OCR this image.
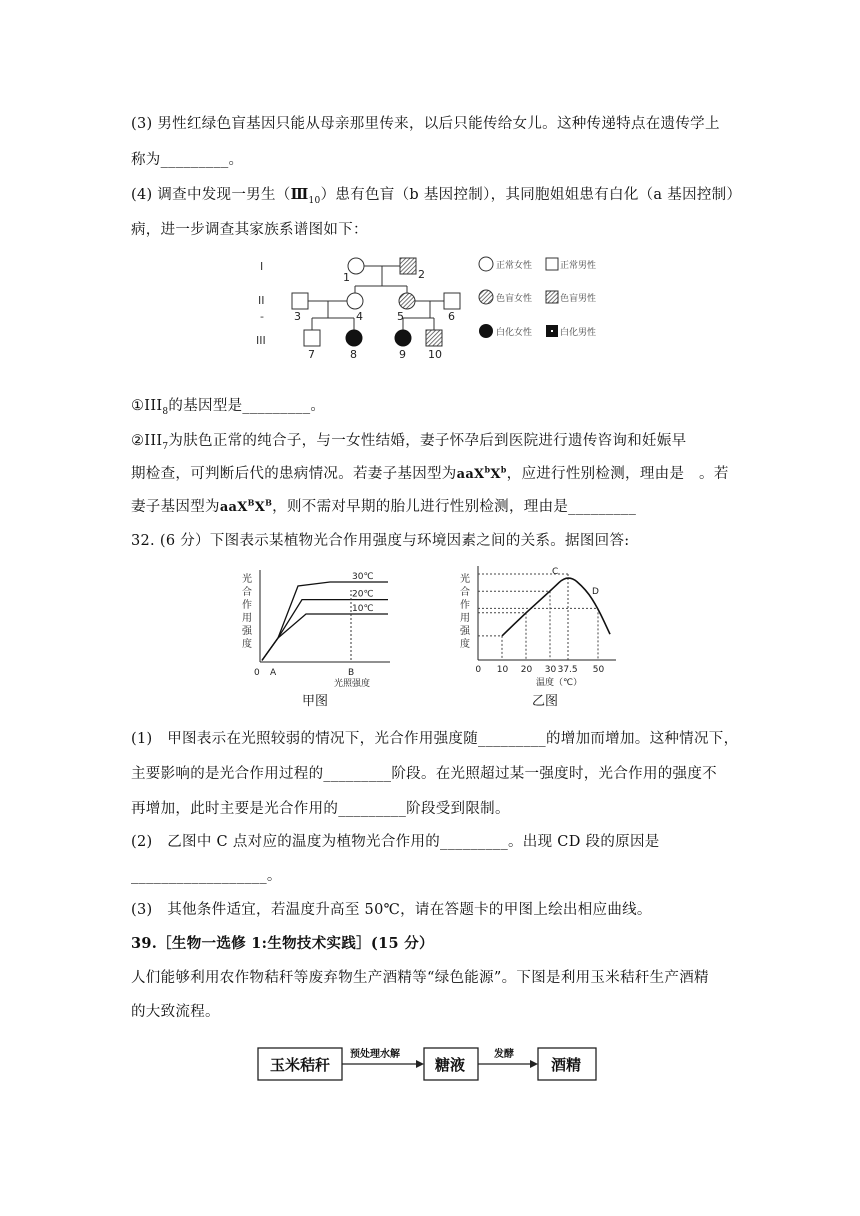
(3) 男性红绿色盲基因只能从母亲那里传来，以后只能传给女儿。这种传递特点在遗传学上
称为_________。
(4) 调查中发现一男生$(Ⅲ_{10})$患有色盲（b 基因控制），其同胞姐姐患有白化（a 基因控制）
病，进一步调查其家族系谱图如下：
I
II
-
III
1	2
3	4	5	6
7	8	9 10
正常女性	正常男性
色盲女性	色盲男性
白化女性	白化男性
$①III_8$的基因型是_________。
$②III_7$为肤色正常的纯合子，与一女性结婚，妻子怀孕后到医院进行遗传咨询和妊娠早
期检查，可判断后代的患病情况。若妻子基因型为$aaX^bX^b$，应进行性别检测，理由是　。若
妻子基因型为$aaX^BX^B$，则不需对早期的胎儿进行性别检测，理由是_________
32. (6 分）下图表示某植物光合作用强度与环境因素之间的关系。据图回答:
光
合
作
用
强
度
30℃
20℃
10℃
0 A	B
光照强度
甲图
光
合
作
用
强
度
C
D
0 10 20 30 37.5 50
温度（℃）
乙图
(1)　甲图表示在光照较弱的情况下，光合作用强度随_________的增加而增加。这种情况下，
主要影响的是光合作用过程的_________阶段。在光照超过某一强度时，光合作用的强度不
再增加，此时主要是光合作用的_________阶段受到限制。
(2)　乙图中 C 点对应的温度为植物光合作用的_________。出现 CD 段的原因是
__________________。
(3)　其他条件适宜，若温度升高至 50℃，请在答题卡的甲图上绘出相应曲线。
39.［生物一选修 1:生物技术实践］(15 分）
人们能够利用农作物秸秆等废弃物生产酒精等“绿色能源”。下图是利用玉米秸秆生产酒精
的大致流程。
玉米秸秆
预处理水解
糖液
发酵
酒精
